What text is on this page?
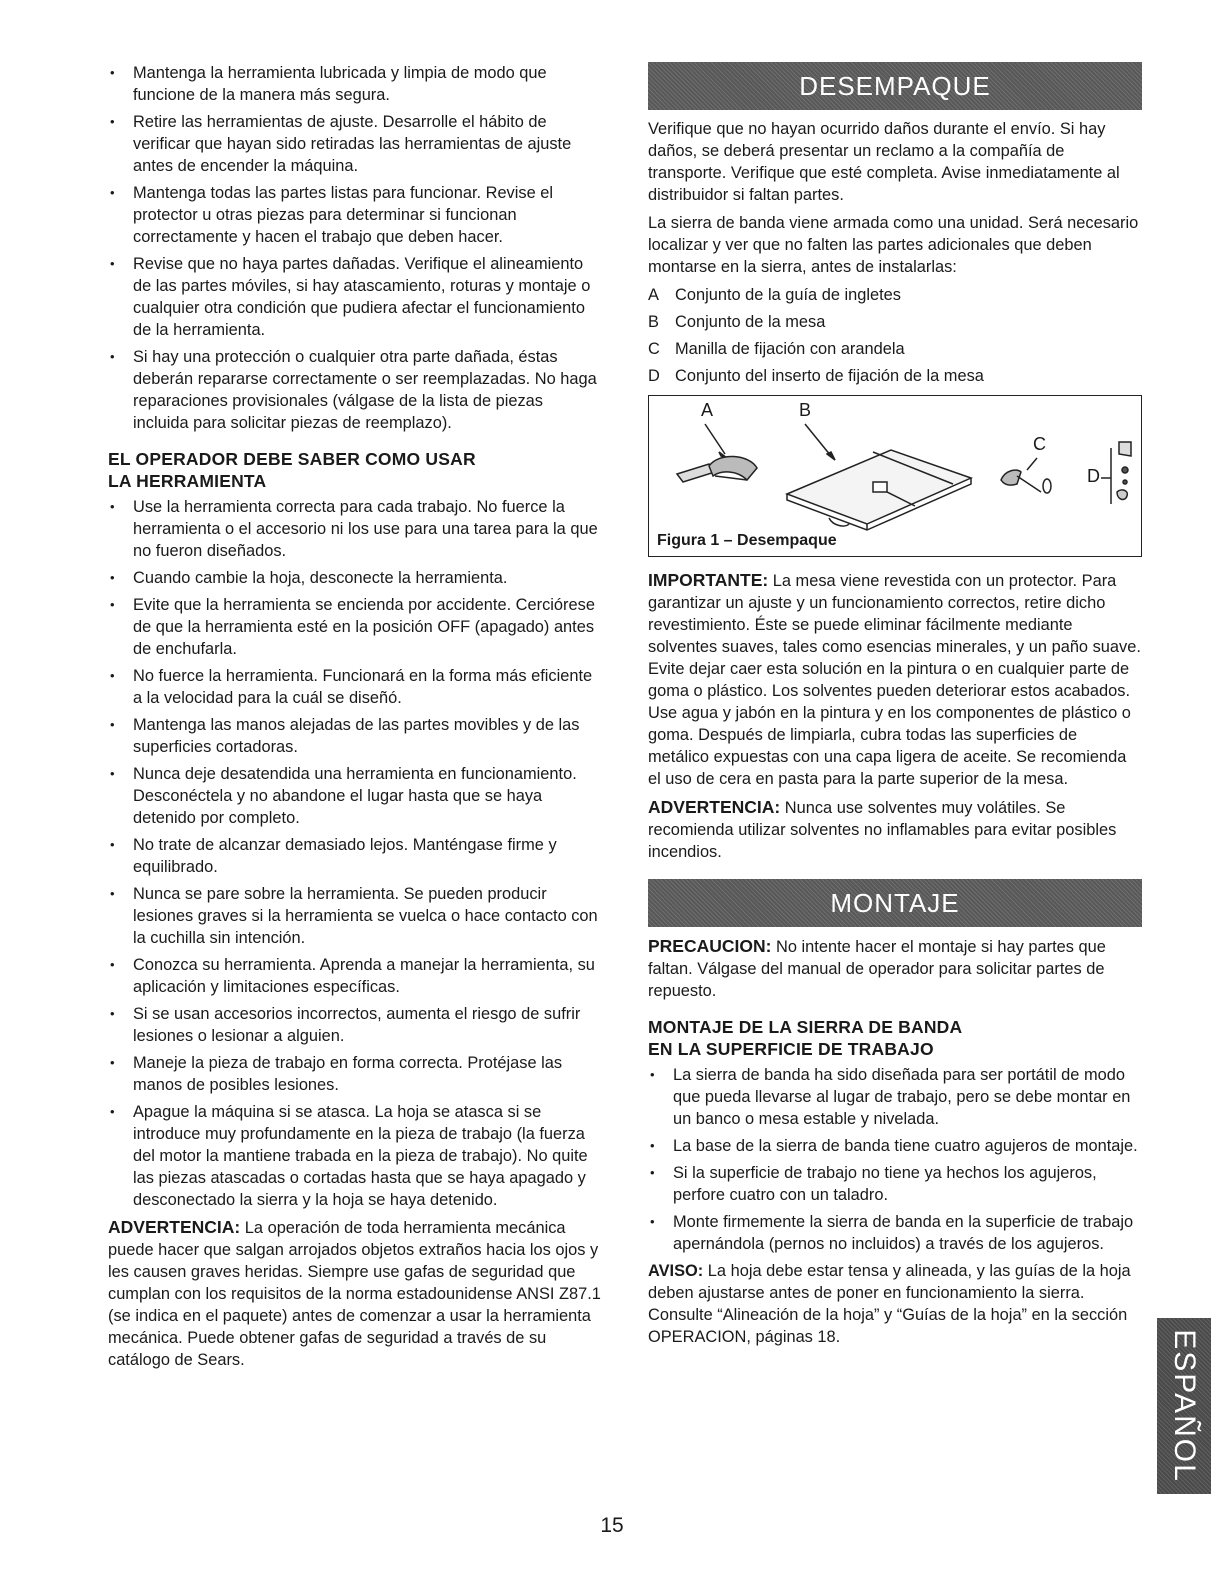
• Mantenga la herramienta lubricada y limpia de modo que funcione de la manera más segura.
• Retire las herramientas de ajuste. Desarrolle el hábito de verificar que hayan sido retiradas las herramientas de ajuste antes de encender la máquina.
• Mantenga todas las partes listas para funcionar. Revise el protector u otras piezas para determinar si funcionan correctamente y hacen el trabajo que deben hacer.
• Revise que no haya partes dañadas. Verifique el alineamiento de las partes móviles, si hay atascamiento, roturas y montaje o cualquier otra condición que pudiera afectar el funcionamiento de la herramienta.
• Si hay una protección o cualquier otra parte dañada, éstas deberán repararse correctamente o ser reemplazadas. No haga reparaciones provisionales (válgase de la lista de piezas incluida para solicitar piezas de reemplazo).
EL OPERADOR DEBE SABER COMO USAR
LA HERRAMIENTA
• Use la herramienta correcta para cada trabajo. No fuerce la herramienta o el accesorio ni los use para una tarea para la que no fueron diseñados.
• Cuando cambie la hoja, desconecte la herramienta.
• Evite que la herramienta se encienda por accidente. Cerciórese de que la herramienta esté en la posición OFF (apagado) antes de enchufarla.
• No fuerce la herramienta. Funcionará en la forma más eficiente a la velocidad para la cuál se diseñó.
• Mantenga las manos alejadas de las partes movibles y de las superficies cortadoras.
• Nunca deje desatendida una herramienta en funcionamiento. Desconéctela y no abandone el lugar hasta que se haya detenido por completo.
• No trate de alcanzar demasiado lejos. Manténgase firme y equilibrado.
• Nunca se pare sobre la herramienta. Se pueden producir lesiones graves si la herramienta se vuelca o hace contacto con la cuchilla sin intención.
• Conozca su herramienta. Aprenda a manejar la herramienta, su aplicación y limitaciones específicas.
• Si se usan accesorios incorrectos, aumenta el riesgo de sufrir lesiones o lesionar a alguien.
• Maneje la pieza de trabajo en forma correcta. Protéjase las manos de posibles lesiones.
• Apague la máquina si se atasca. La hoja se atasca si se introduce muy profundamente en la pieza de trabajo (la fuerza del motor la mantiene trabada en la pieza de trabajo). No quite las piezas atascadas o cortadas hasta que se haya apagado y desconectado la sierra y la hoja se haya detenido.

ADVERTENCIA: La operación de toda herramienta mecánica puede hacer que salgan arrojados objetos extraños hacia los ojos y les causen graves heridas. Siempre use gafas de seguridad que cumplan con los requisitos de la norma estadounidense ANSI Z87.1 (se indica en el paquete) antes de comenzar a usar la herramienta mecánica. Puede obtener gafas de seguridad a través de su catálogo de Sears.

DESEMPAQUE

Verifique que no hayan ocurrido daños durante el envío. Si hay daños, se deberá presentar un reclamo a la compañía de transporte. Verifique que esté completa. Avise inmediatamente al distribuidor si faltan partes.

La sierra de banda viene armada como una unidad. Será necesario localizar y ver que no falten las partes adicionales que deben montarse en la sierra, antes de instalarlas:

A Conjunto de la guía de ingletes
B Conjunto de la mesa
C Manilla de fijación con arandela
D Conjunto del inserto de fijación de la mesa
A	B
C
D
Figura 1 – Desempaque

IMPORTANTE: La mesa viene revestida con un protector. Para garantizar un ajuste y un funcionamiento correctos, retire dicho revestimiento. Éste se puede eliminar fácilmente mediante solventes suaves, tales como esencias minerales, y un paño suave. Evite dejar caer esta solución en la pintura o en cualquier parte de goma o plástico. Los solventes pueden deteriorar estos acabados. Use agua y jabón en la pintura y en los componentes de plástico o goma. Después de limpiarla, cubra todas las superficies de metálico expuestas con una capa ligera de aceite. Se recomienda el uso de cera en pasta para la parte superior de la mesa.

ADVERTENCIA: Nunca use solventes muy volátiles. Se recomienda utilizar solventes no inflamables para evitar posibles incendios.

MONTAJE

PRECAUCION: No intente hacer el montaje si hay partes que faltan. Válgase del manual de operador para solicitar partes de repuesto.

MONTAJE DE LA SIERRA DE BANDA
EN LA SUPERFICIE DE TRABAJO
• La sierra de banda ha sido diseñada para ser portátil de modo que pueda llevarse al lugar de trabajo, pero se debe montar en un banco o mesa estable y nivelada.
• La base de la sierra de banda tiene cuatro agujeros de montaje.
• Si la superficie de trabajo no tiene ya hechos los agujeros, perfore cuatro con un taladro.
• Monte firmemente la sierra de banda en la superficie de trabajo apernándola (pernos no incluidos) a través de los agujeros.

AVISO: La hoja debe estar tensa y alineada, y las guías de la hoja deben ajustarse antes de poner en funcionamiento la sierra. Consulte “Alineación de la hoja” y “Guías de la hoja” en la sección OPERACION, páginas 18.	ESPAÑOL
15
